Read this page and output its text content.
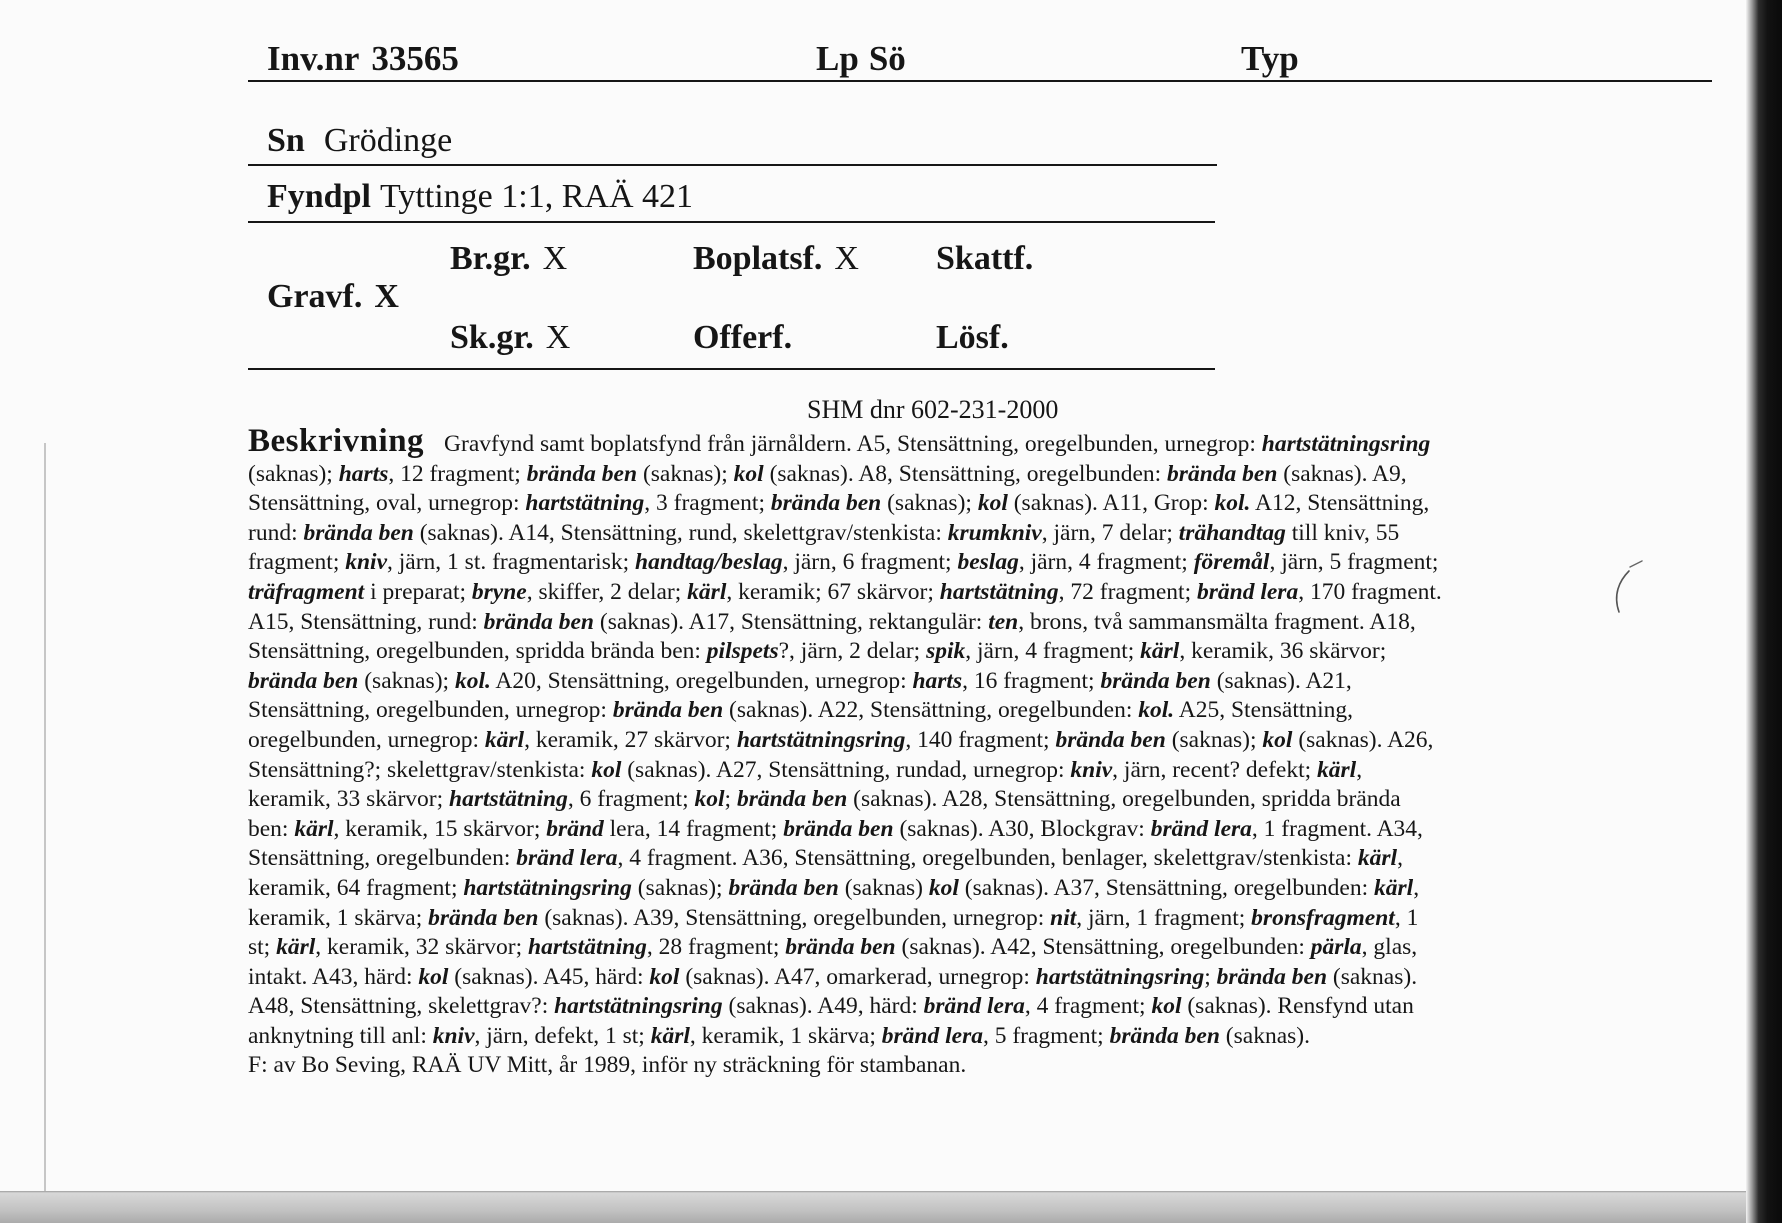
Inv.nr 33565	Lp Sö	Typ
Sn Grödinge
Fyndpl Tyttinge 1:1, RAÄ 421
Br.gr. X	Boplatsf. X Skattf.
Gravf. X
Sk.gr. X	Offerf.	Lösf.
SHM dnr 602-231-2000
Beskrivning Gravfynd samt boplatsfynd från järnåldern. A5, Stensättning, oregelbunden, urnegrop: hartstätningsring
(saknas); harts, 12 fragment; brända ben (saknas); kol (saknas). A8, Stensättning, oregelbunden: brända ben (saknas). A9,
Stensättning, oval, urnegrop: hartstätning, 3 fragment; brända ben (saknas); kol (saknas). A11, Grop: kol. A12, Stensättning,
rund: brända ben (saknas). A14, Stensättning, rund, skelettgrav/stenkista: krumkniv, järn, 7 delar; trähandtag till kniv, 55
fragment; kniv, järn, 1 st. fragmentarisk; handtag/beslag, järn, 6 fragment; beslag, järn, 4 fragment; föremål, järn, 5 fragment;
träfragment i preparat; bryne, skiffer, 2 delar; kärl, keramik; 67 skärvor; hartstätning, 72 fragment; bränd lera, 170 fragment.
A15, Stensättning, rund: brända ben (saknas). A17, Stensättning, rektangulär: ten, brons, två sammansmälta fragment. A18,
Stensättning, oregelbunden, spridda brända ben: pilspets?, järn, 2 delar; spik, järn, 4 fragment; kärl, keramik, 36 skärvor;
brända ben (saknas); kol. A20, Stensättning, oregelbunden, urnegrop: harts, 16 fragment; brända ben (saknas). A21,
Stensättning, oregelbunden, urnegrop: brända ben (saknas). A22, Stensättning, oregelbunden: kol. A25, Stensättning,
oregelbunden, urnegrop: kärl, keramik, 27 skärvor; hartstätningsring, 140 fragment; brända ben (saknas); kol (saknas). A26,
Stensättning?; skelettgrav/stenkista: kol (saknas). A27, Stensättning, rundad, urnegrop: kniv, järn, recent? defekt; kärl,
keramik, 33 skärvor; hartstätning, 6 fragment; kol; brända ben (saknas). A28, Stensättning, oregelbunden, spridda brända
ben: kärl, keramik, 15 skärvor; bränd lera, 14 fragment; brända ben (saknas). A30, Blockgrav: bränd lera, 1 fragment. A34,
Stensättning, oregelbunden: bränd lera, 4 fragment. A36, Stensättning, oregelbunden, benlager, skelettgrav/stenkista: kärl,
keramik, 64 fragment; hartstätningsring (saknas); brända ben (saknas) kol (saknas). A37, Stensättning, oregelbunden: kärl,
keramik, 1 skärva; brända ben (saknas). A39, Stensättning, oregelbunden, urnegrop: nit, järn, 1 fragment; bronsfragment, 1
st; kärl, keramik, 32 skärvor; hartstätning, 28 fragment; brända ben (saknas). A42, Stensättning, oregelbunden: pärla, glas,
intakt. A43, härd: kol (saknas). A45, härd: kol (saknas). A47, omarkerad, urnegrop: hartstätningsring; brända ben (saknas).
A48, Stensättning, skelettgrav?: hartstätningsring (saknas). A49, härd: bränd lera, 4 fragment; kol (saknas). Rensfynd utan
anknytning till anl: kniv, järn, defekt, 1 st; kärl, keramik, 1 skärva; bränd lera, 5 fragment; brända ben (saknas).
F: av Bo Seving, RAÄ UV Mitt, år 1989, inför ny sträckning för stambanan.
